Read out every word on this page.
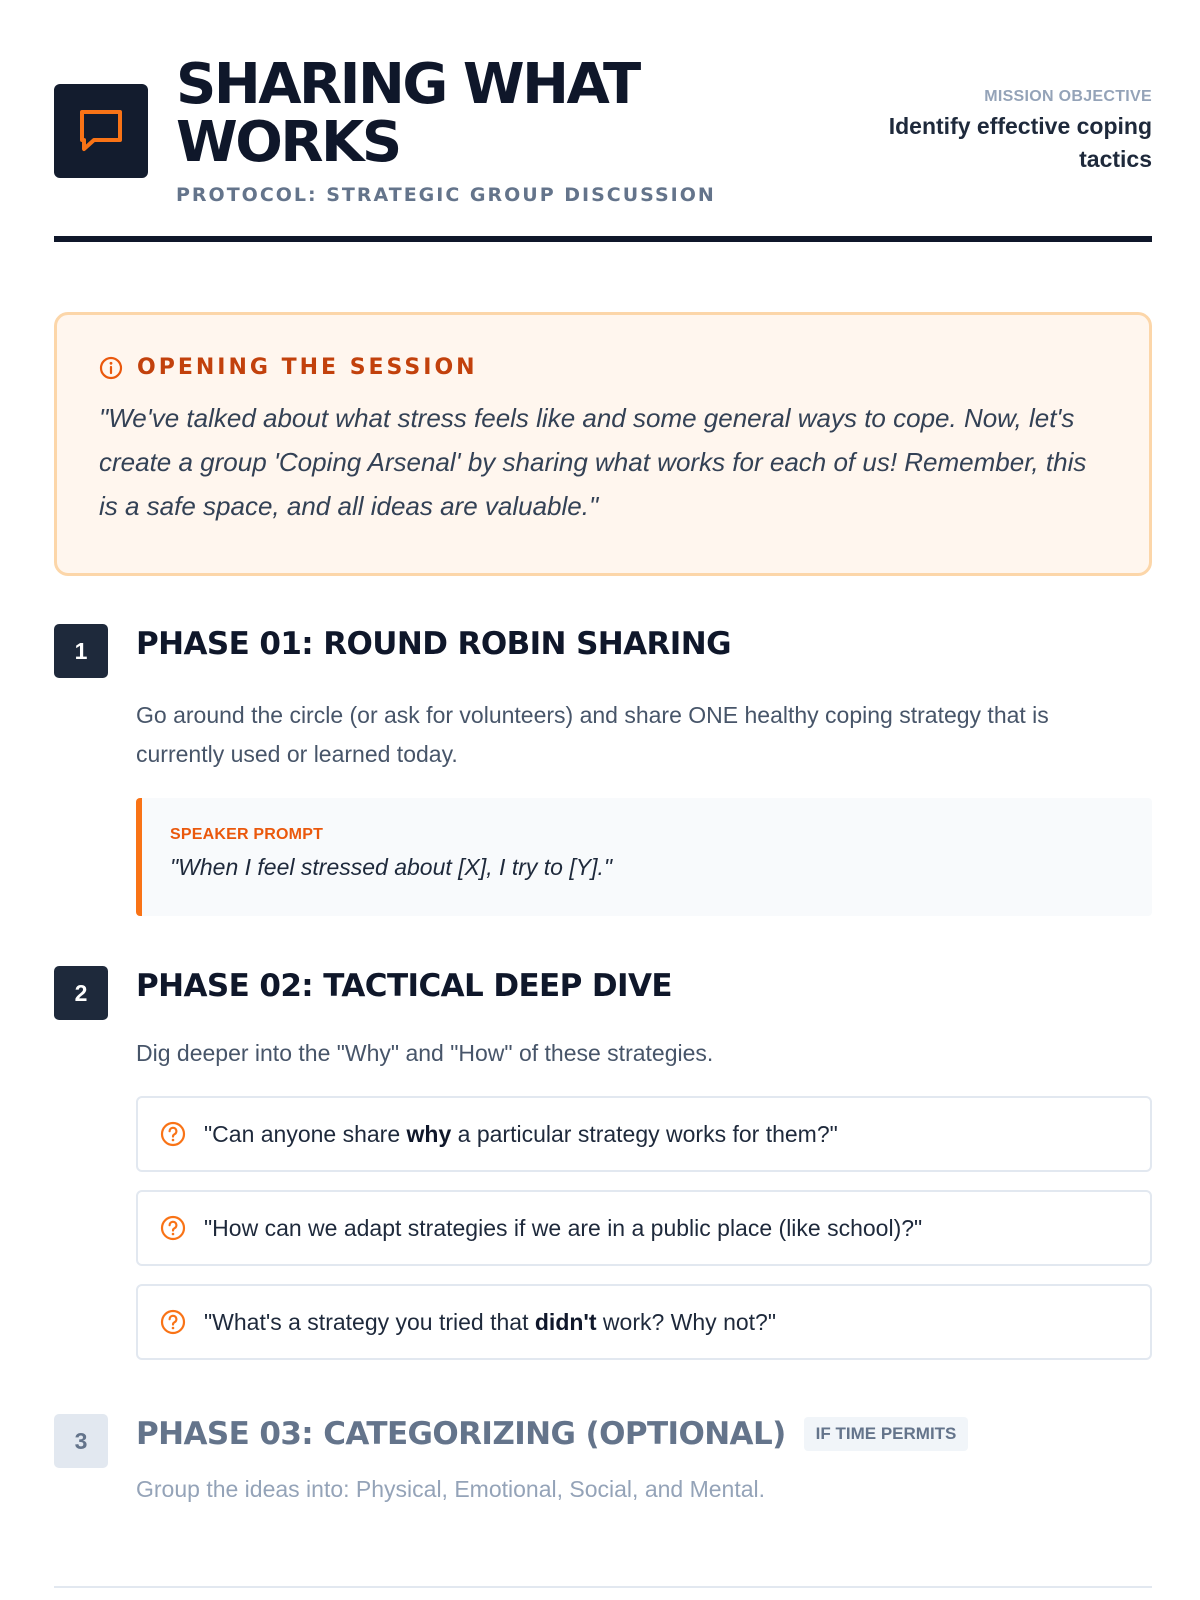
SHARING WHAT
WORKS
PROTOCOL: STRATEGIC GROUP DISCUSSION
MISSION OBJECTIVE
Identify effective coping
tactics
OPENING THE SESSION
"We've talked about what stress feels like and some general ways to cope. Now, let's create a group 'Coping Arsenal' by sharing what works for each of us! Remember, this is a safe space, and all ideas are valuable."
1	PHASE 01: ROUND ROBIN SHARING
Go around the circle (or ask for volunteers) and share ONE healthy coping strategy that is currently used or learned today.
SPEAKER PROMPT
"When I feel stressed about [X], I try to [Y]."
2	PHASE 02: TACTICAL DEEP DIVE
Dig deeper into the "Why" and "How" of these strategies.
"Can anyone share why a particular strategy works for them?"
"How can we adapt strategies if we are in a public place (like school)?"
"What's a strategy you tried that didn't work? Why not?"
3	PHASE 03: CATEGORIZING (OPTIONAL)	IF TIME PERMITS
Group the ideas into: Physical, Emotional, Social, and Mental.
